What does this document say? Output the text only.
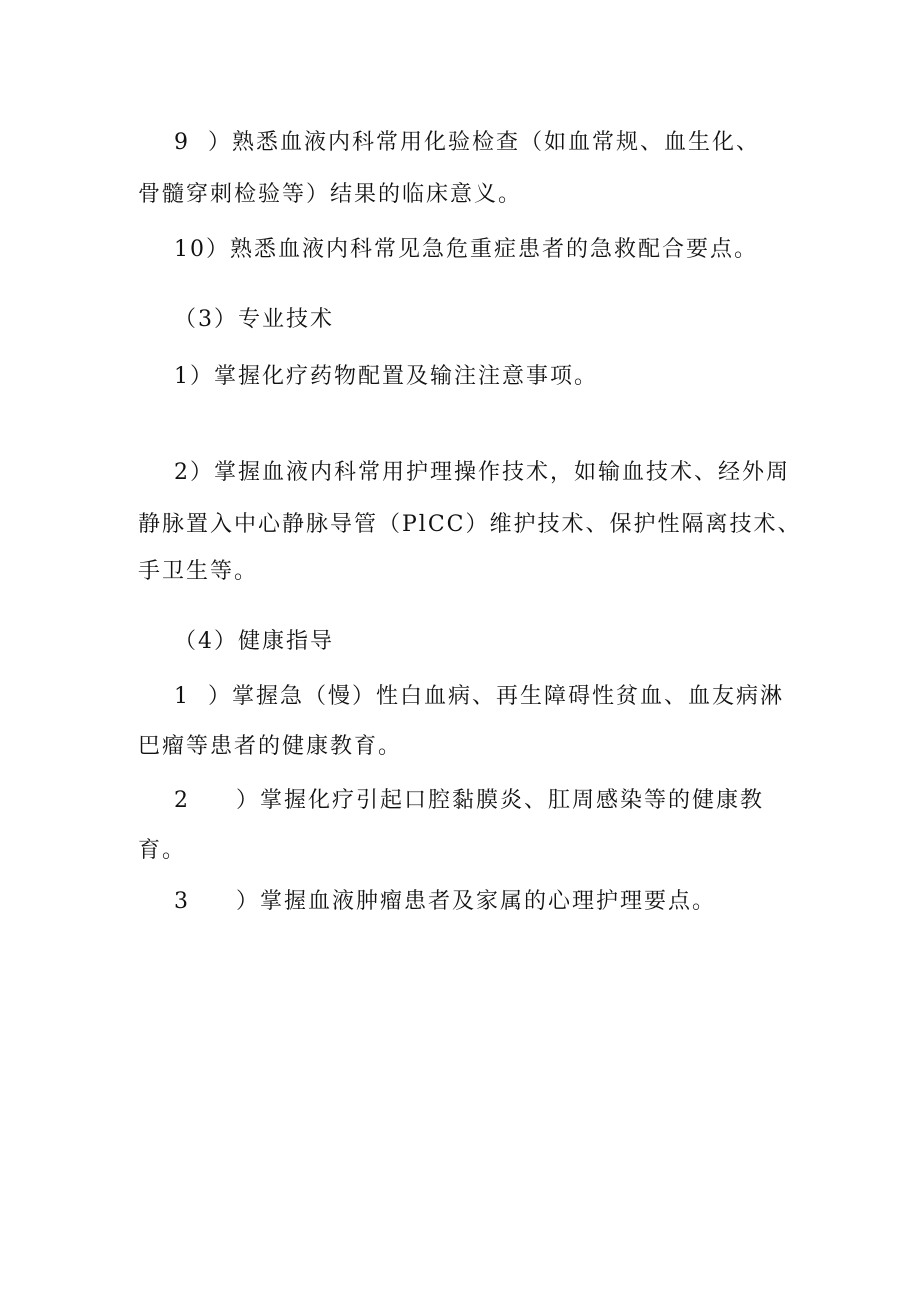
9 ）熟悉血液内科常用化验检查（如血常规、血生化、
骨髓穿刺检验等）结果的临床意义。
10）熟悉血液内科常见急危重症患者的急救配合要点。
（3）专业技术
1）掌握化疗药物配置及输注注意事项。
2）掌握血液内科常用护理操作技术，如输血技术、经外周
静脉置入中心静脉导管（PlCC）维护技术、保护性隔离技术、
手卫生等。
（4）健康指导
1 ）掌握急（慢）性白血病、再生障碍性贫血、血友病淋
巴瘤等患者的健康教育。
2 ）掌握化疗引起口腔黏膜炎、肛周感染等的健康教
育。
3 ）掌握血液肿瘤患者及家属的心理护理要点。
